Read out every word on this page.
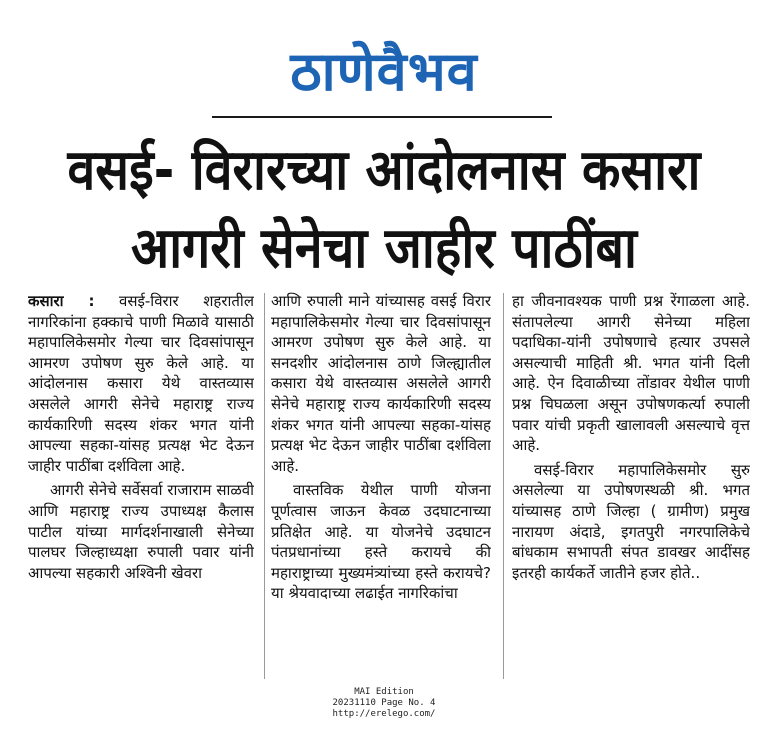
ठाणेवैभव
वसई- विरारच्या आंदोलनास कसारा
आगरी सेनेचा जाहीर पाठींबा

कसारा : वसई-विरार शहरातील नागरिकांना हक्काचे पाणी मिळावे यासाठी महापालिकेसमोर गेल्या चार दिवसांपासून आमरण उपोषण सुरु केले आहे. या आंदोलनास कसारा येथे वास्तव्यास असलेले आगरी सेनेचे महाराष्ट्र राज्य कार्यकारिणी सदस्य शंकर भगत यांनी आपल्या सहका-यांसह प्रत्यक्ष भेट देऊन जाहीर पाठींबा दर्शविला आहे.

आगरी सेनेचे सर्वेसर्वा राजाराम साळवी आणि महाराष्ट्र राज्य उपाध्यक्ष कैलास पाटील यांच्या मार्गदर्शनाखाली सेनेच्या पालघर जिल्हाध्यक्षा रुपाली पवार यांनी आपल्या सहकारी अश्विनी खेवरा

आणि रुपाली माने यांच्यासह वसई विरार महापालिकेसमोर गेल्या चार दिवसांपासून आमरण उपोषण सुरु केले आहे. या सनदशीर आंदोलनास ठाणे जिल्ह्यातील कसारा येथे वास्तव्यास असलेले आगरी सेनेचे महाराष्ट्र राज्य कार्यकारिणी सदस्य शंकर भगत यांनी आपल्या सहका-यांसह प्रत्यक्ष भेट देऊन जाहीर पाठींबा दर्शविला आहे.

वास्तविक येथील पाणी योजना पूर्णत्वास जाऊन केवळ उदघाटनाच्या प्रतिक्षेत आहे. या योजनेचे उदघाटन पंतप्रधानांच्या हस्ते करायचे की महाराष्ट्राच्या मुख्यमंत्र्यांच्या हस्ते करायचे? या श्रेयवादाच्या लढाईत नागरिकांचा

हा जीवनावश्यक पाणी प्रश्न रेंगाळला आहे. संतापलेल्या आगरी सेनेच्या महिला पदाधिका-यांनी उपोषणाचे हत्यार उपसले असल्याची माहिती श्री. भगत यांनी दिली आहे. ऐन दिवाळीच्या तोंडावर येथील पाणी प्रश्न चिघळला असून उपोषणकर्त्या रुपाली पवार यांची प्रकृती खालावली असल्याचे वृत्त आहे.

वसई-विरार महापालिकेसमोर सुरु असलेल्या या उपोषणस्थळी श्री. भगत यांच्यासह ठाणे जिल्हा ( ग्रामीण) प्रमुख नारायण अंदाडे, इगतपुरी नगरपालिकेचे बांधकाम सभापती संपत डावखर आदींसह इतरही कार्यकर्ते जातीने हजर होते..

MAI Edition
20231110 Page No. 4
http://erelego.com/
